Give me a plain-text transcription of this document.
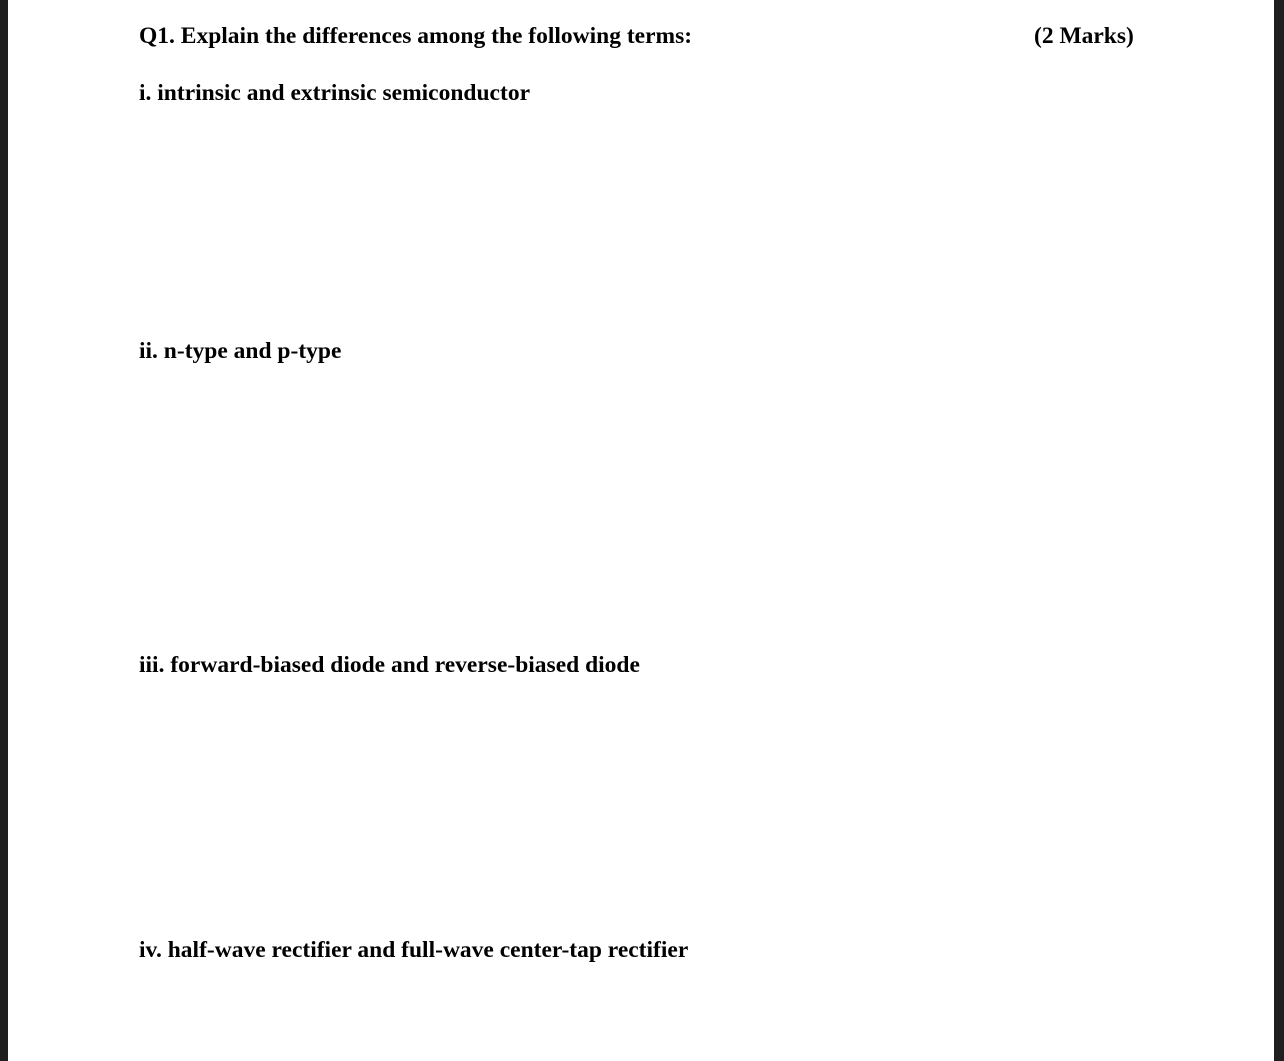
Q1. Explain the differences among the following terms:	(2 Marks)
i. intrinsic and extrinsic semiconductor
ii. n-type and p-type
iii. forward-biased diode and reverse-biased diode
iv. half-wave rectifier and full-wave center-tap rectifier
